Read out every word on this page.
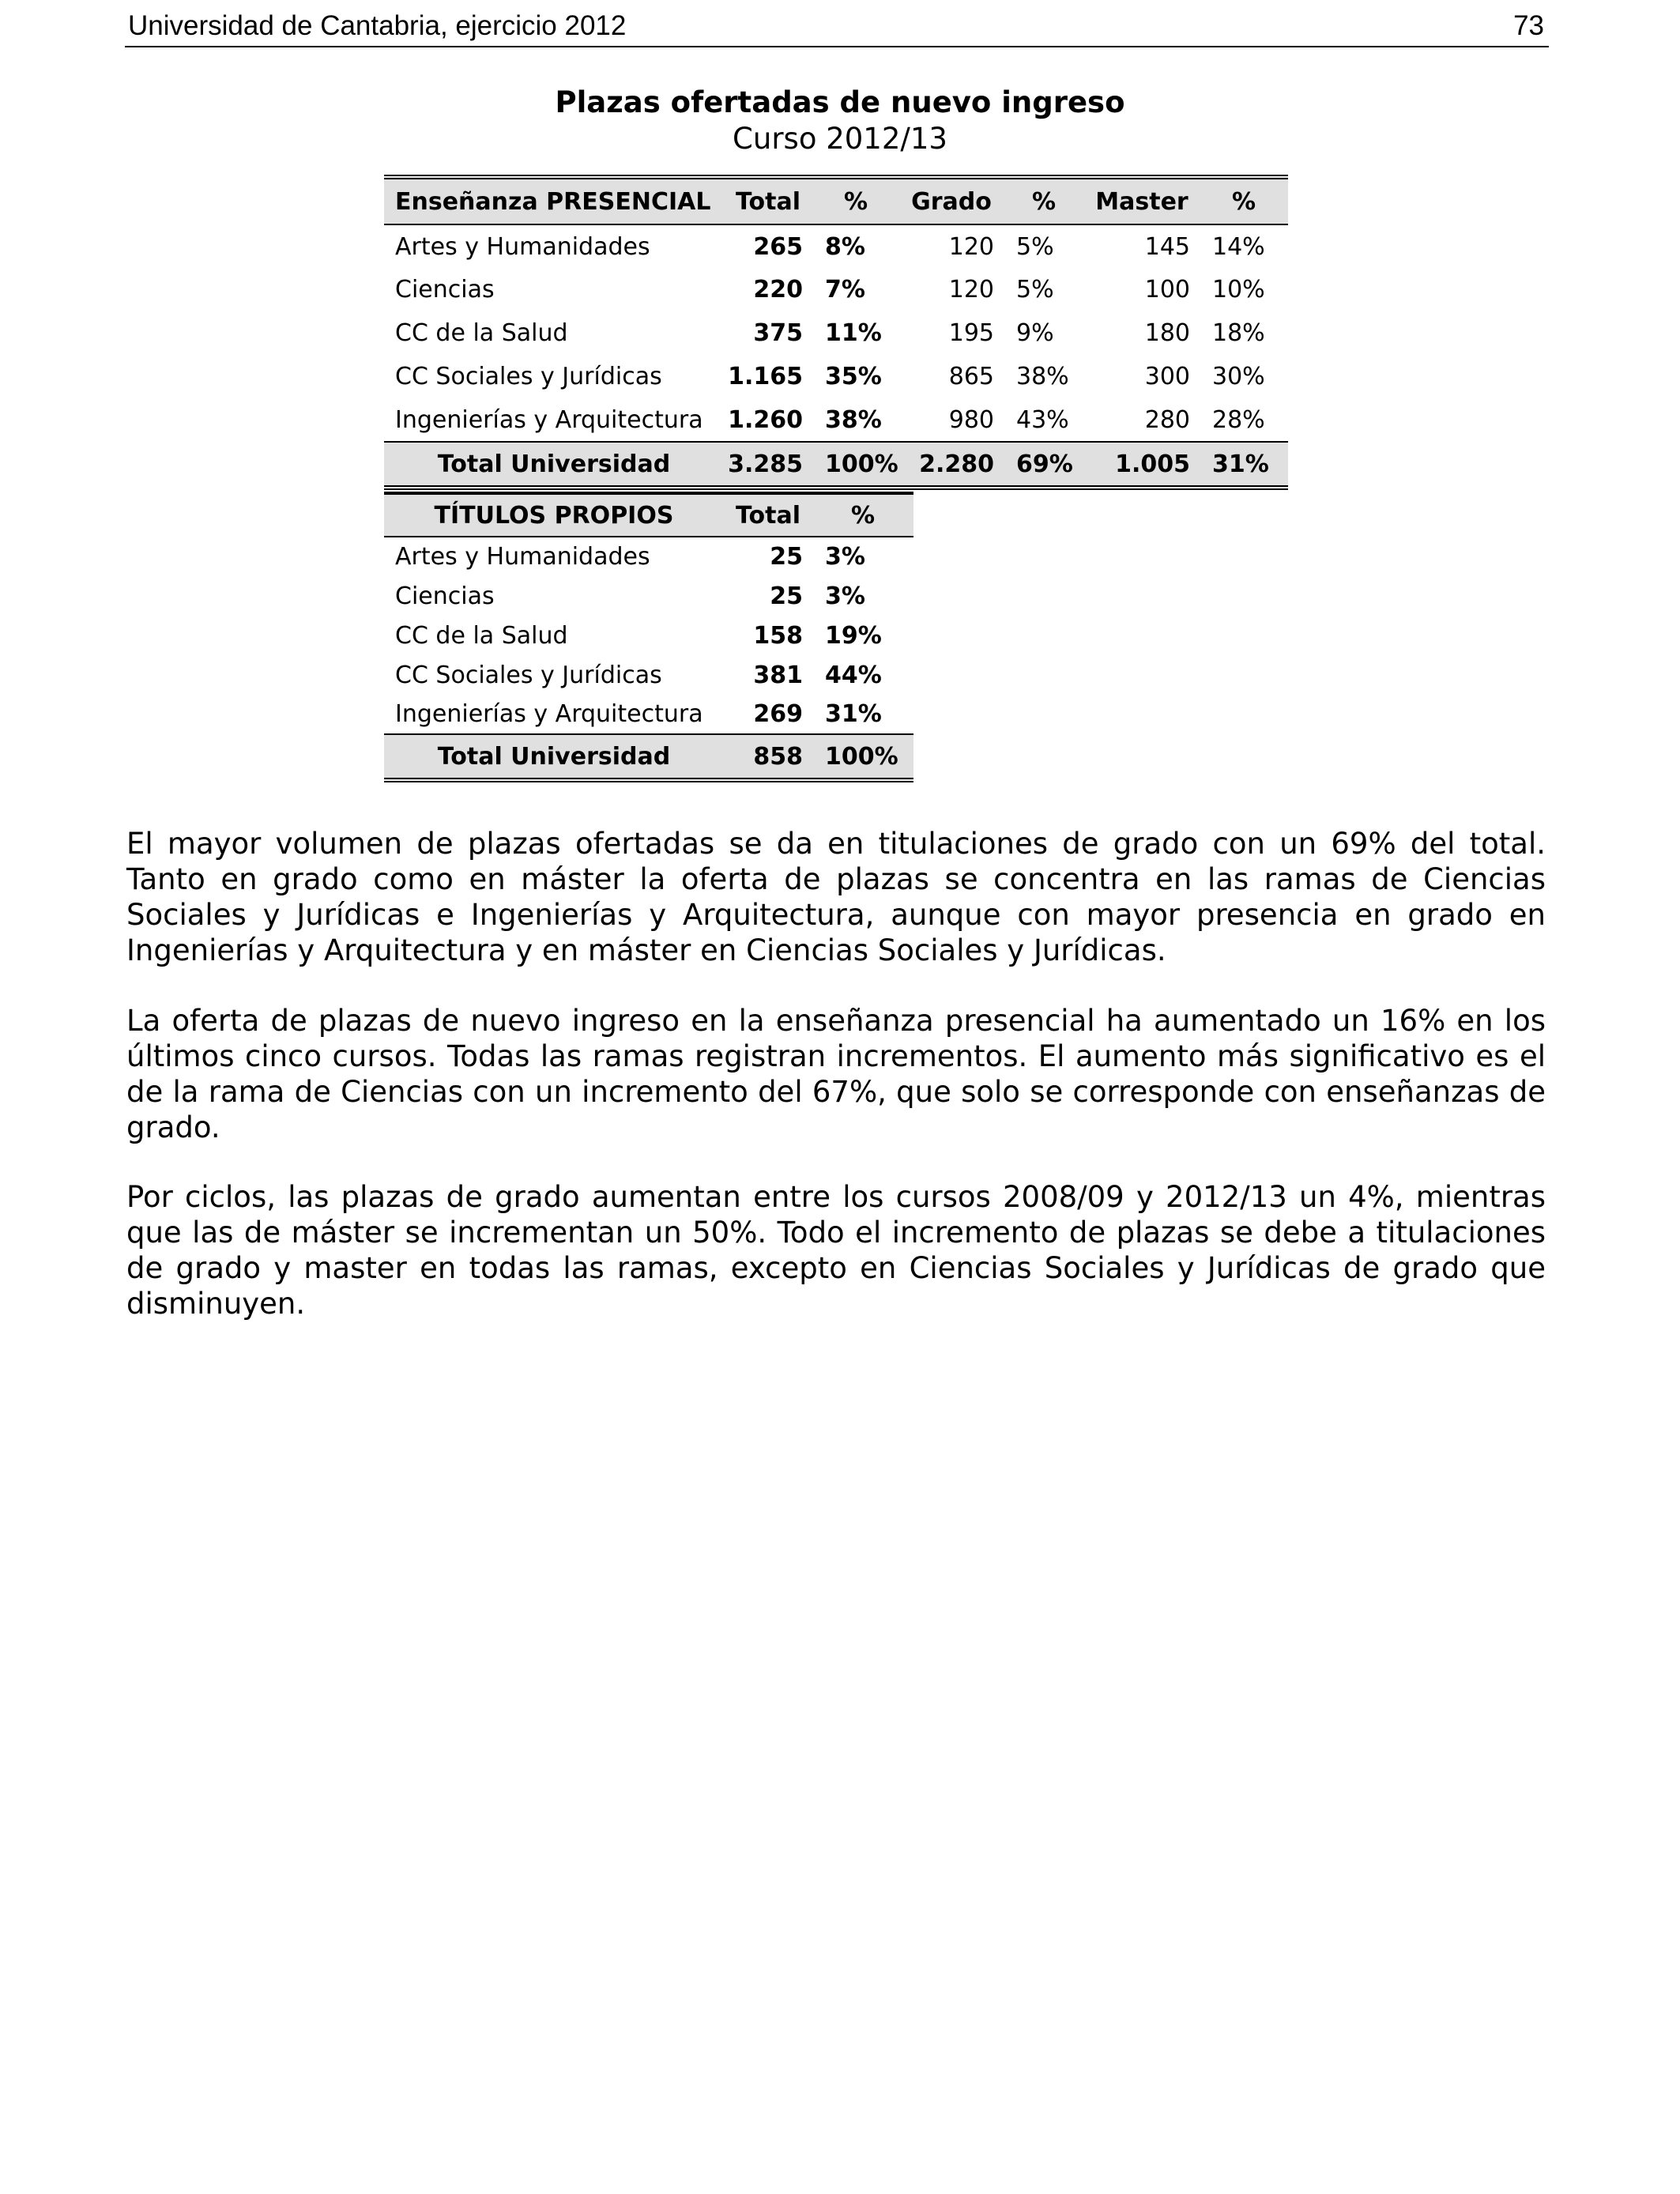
Universidad de Cantabria, ejercicio 2012	73
Plazas ofertadas de nuevo ingreso
Curso 2012/13
Enseñanza PRESENCIAL	Total	%	Grado	%	Master	%
Artes y Humanidades	265	8%	120	5%	145	14%
Ciencias	220	7%	120	5%	100	10%
CC de la Salud	375	11%	195	9%	180	18%
CC Sociales y Jurídicas	1.165	35%	865	38%	300	30%
Ingenierías y Arquitectura	1.260	38%	980	43%	280	28%
Total Universidad	3.285	100%	2.280	69%	1.005	31%
TÍTULOS PROPIOS	Total	%
Artes y Humanidades	25	3%
Ciencias	25	3%
CC de la Salud	158	19%
CC Sociales y Jurídicas	381	44%
Ingenierías y Arquitectura	269	31%
Total Universidad	858	100%

El mayor volumen de plazas ofertadas se da en titulaciones de grado con un 69% del total. Tanto en grado como en máster la oferta de plazas se concentra en las ramas de Ciencias Sociales y Jurídicas e Ingenierías y Arquitectura, aunque con mayor presencia en grado en Ingenierías y Arquitectura y en máster en Ciencias Sociales y Jurídicas.

La oferta de plazas de nuevo ingreso en la enseñanza presencial ha aumentado un 16% en los últimos cinco cursos. Todas las ramas registran incrementos. El aumento más significativo es el de la rama de Ciencias con un incremento del 67%, que solo se corresponde con enseñanzas de grado.

Por ciclos, las plazas de grado aumentan entre los cursos 2008/09 y 2012/13 un 4%, mientras que las de máster se incrementan un 50%. Todo el incremento de plazas se debe a titulaciones de grado y master en todas las ramas, excepto en Ciencias Sociales y Jurídicas de grado que disminuyen.
